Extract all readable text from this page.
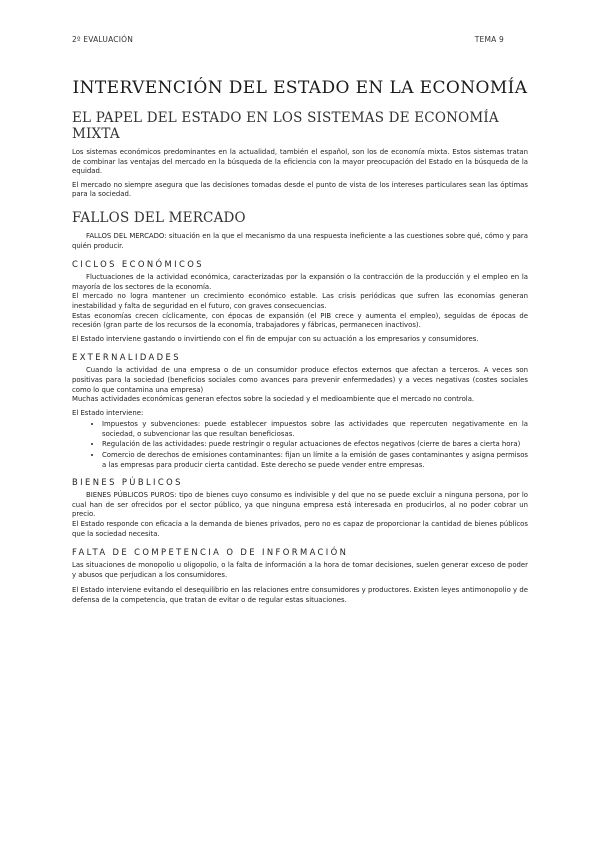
2º EVALUACIÓN	TEMA 9
INTERVENCIÓN DEL ESTADO EN LA ECONOMÍA
EL PAPEL DEL ESTADO EN LOS SISTEMAS DE ECONOMÍA MIXTA

Los sistemas económicos predominantes en la actualidad, también el español, son los de economía mixta. Estos sistemas tratan de combinar las ventajas del mercado en la búsqueda de la eficiencia con la mayor preocupación del Estado en la búsqueda de la equidad.

El mercado no siempre asegura que las decisiones tomadas desde el punto de vista de los intereses particulares sean las óptimas para la sociedad.

FALLOS DEL MERCADO

FALLOS DEL MERCADO: situación en la que el mecanismo da una respuesta ineficiente a las cuestiones sobre qué, cómo y para quién producir.

CICLOS ECONÓMICOS

Fluctuaciones de la actividad económica, caracterizadas por la expansión o la contracción de la producción y el empleo en la mayoría de los sectores de la economía.

El mercado no logra mantener un crecimiento económico estable. Las crisis periódicas que sufren las economías generan inestabilidad y falta de seguridad en el futuro, con graves consecuencias.

Estas economías crecen cíclicamente, con épocas de expansión (el PIB crece y aumenta el empleo), seguidas de épocas de recesión (gran parte de los recursos de la economía, trabajadores y fábricas, permanecen inactivos).

El Estado interviene gastando o invirtiendo con el fin de empujar con su actuación a los empresarios y consumidores.

EXTERNALIDADES

Cuando la actividad de una empresa o de un consumidor produce efectos externos que afectan a terceros. A veces son positivas para la sociedad (beneficios sociales como avances para prevenir enfermedades) y a veces negativas (costes sociales como lo que contamina una empresa)

Muchas actividades económicas generan efectos sobre la sociedad y el medioambiente que el mercado no controla.

El Estado interviene:

• Impuestos y subvenciones: puede establecer impuestos sobre las actividades que repercuten negativamente en la sociedad, o subvencionar las que resultan beneficiosas.
• Regulación de las actividades: puede restringir o regular actuaciones de efectos negativos (cierre de bares a cierta hora)
• Comercio de derechos de emisiones contaminantes: fijan un límite a la emisión de gases contaminantes y asigna permisos a las empresas para producir cierta cantidad. Este derecho se puede vender entre empresas.
BIENES PÚBLICOS

BIENES PÚBLICOS PUROS: tipo de bienes cuyo consumo es indivisible y del que no se puede excluir a ninguna persona, por lo cual han de ser ofrecidos por el sector público, ya que ninguna empresa está interesada en producirlos, al no poder cobrar un precio.

El Estado responde con eficacia a la demanda de bienes privados, pero no es capaz de proporcionar la cantidad de bienes públicos que la sociedad necesita.

FALTA DE COMPETENCIA O DE INFORMACIÓN

Las situaciones de monopolio u oligopolio, o la falta de información a la hora de tomar decisiones, suelen generar exceso de poder y abusos que perjudican a los consumidores.

El Estado interviene evitando el desequilibrio en las relaciones entre consumidores y productores. Existen leyes antimonopolio y de defensa de la competencia, que tratan de evitar o de regular estas situaciones.
